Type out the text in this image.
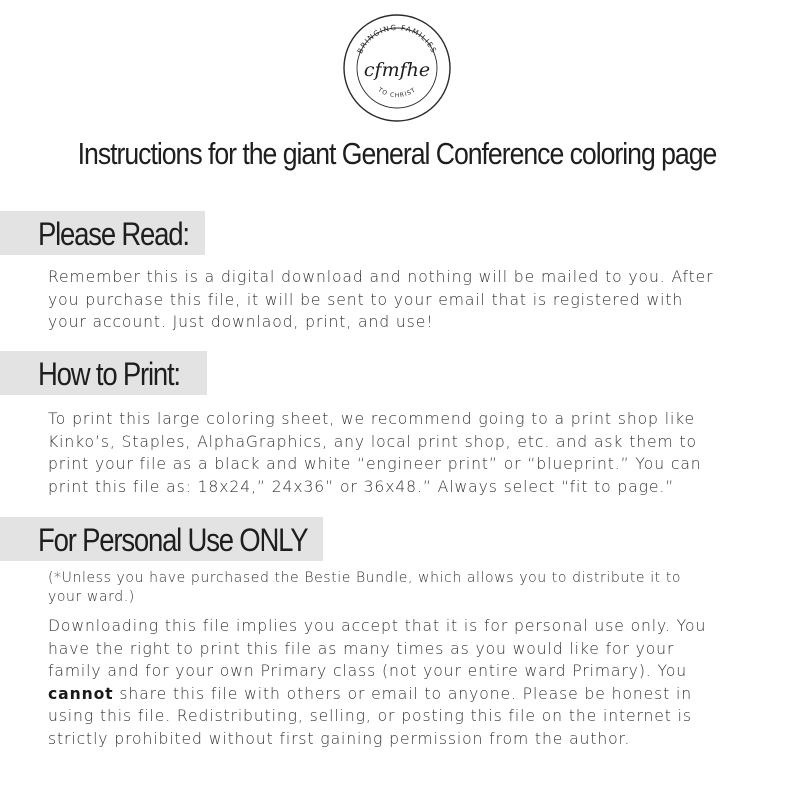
BRINGING FAMILIES
TO CHRIST
cfmfhe
Instructions for the giant General Conference coloring page
Please Read:
Remember this is a digital download and nothing will be mailed to you. After
you purchase this file, it will be sent to your email that is registered with
your account. Just downlaod, print, and use!
How to Print:
To print this large coloring sheet, we recommend going to a print shop like
Kinko’s, Staples, AlphaGraphics, any local print shop, etc. and ask them to
print your file as a black and white “engineer print” or “blueprint.” You can
print this file as: 18x24,” 24x36” or 36x48.” Always select “fit to page.”
For Personal Use ONLY
(*Unless you have purchased the Bestie Bundle, which allows you to distribute it to
your ward.)
Downloading this file implies you accept that it is for personal use only. You
have the right to print this file as many times as you would like for your
family and for your own Primary class (not your entire ward Primary). You
cannot share this file with others or email to anyone. Please be honest in
using this file. Redistributing, selling, or posting this file on the internet is
strictly prohibited without first gaining permission from the author.
